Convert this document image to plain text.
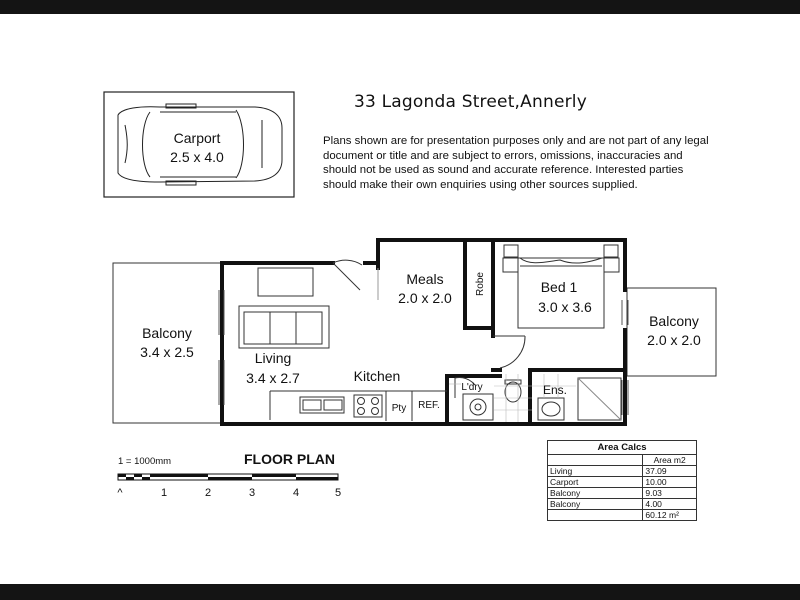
Carport
2.5 x 4.0
Balcony
3.4 x 2.5	Living
3.4 x 2.7
Meals
2.0 x 2.0
Kitchen
Bed 1
3.0 x 3.6
Balcony
2.0 x 2.0
Ens.
L'dry
Pty REF.
Robe
^	1	2	3	4	5
33 Lagonda Street,Annerly
Plans shown are for presentation purposes only and are not part of any legal document or title and are subject to errors, omissions, inaccuracies and should not be used as sound and accurate reference. Interested parties should make their own enquiries using other sources supplied.
1 = 1000mm	FLOOR PLAN
Area Calcs	
	Area m2
Living	37.09
Carport	10.00
Balcony	9.03
Balcony	4.00
	60.12 m²
